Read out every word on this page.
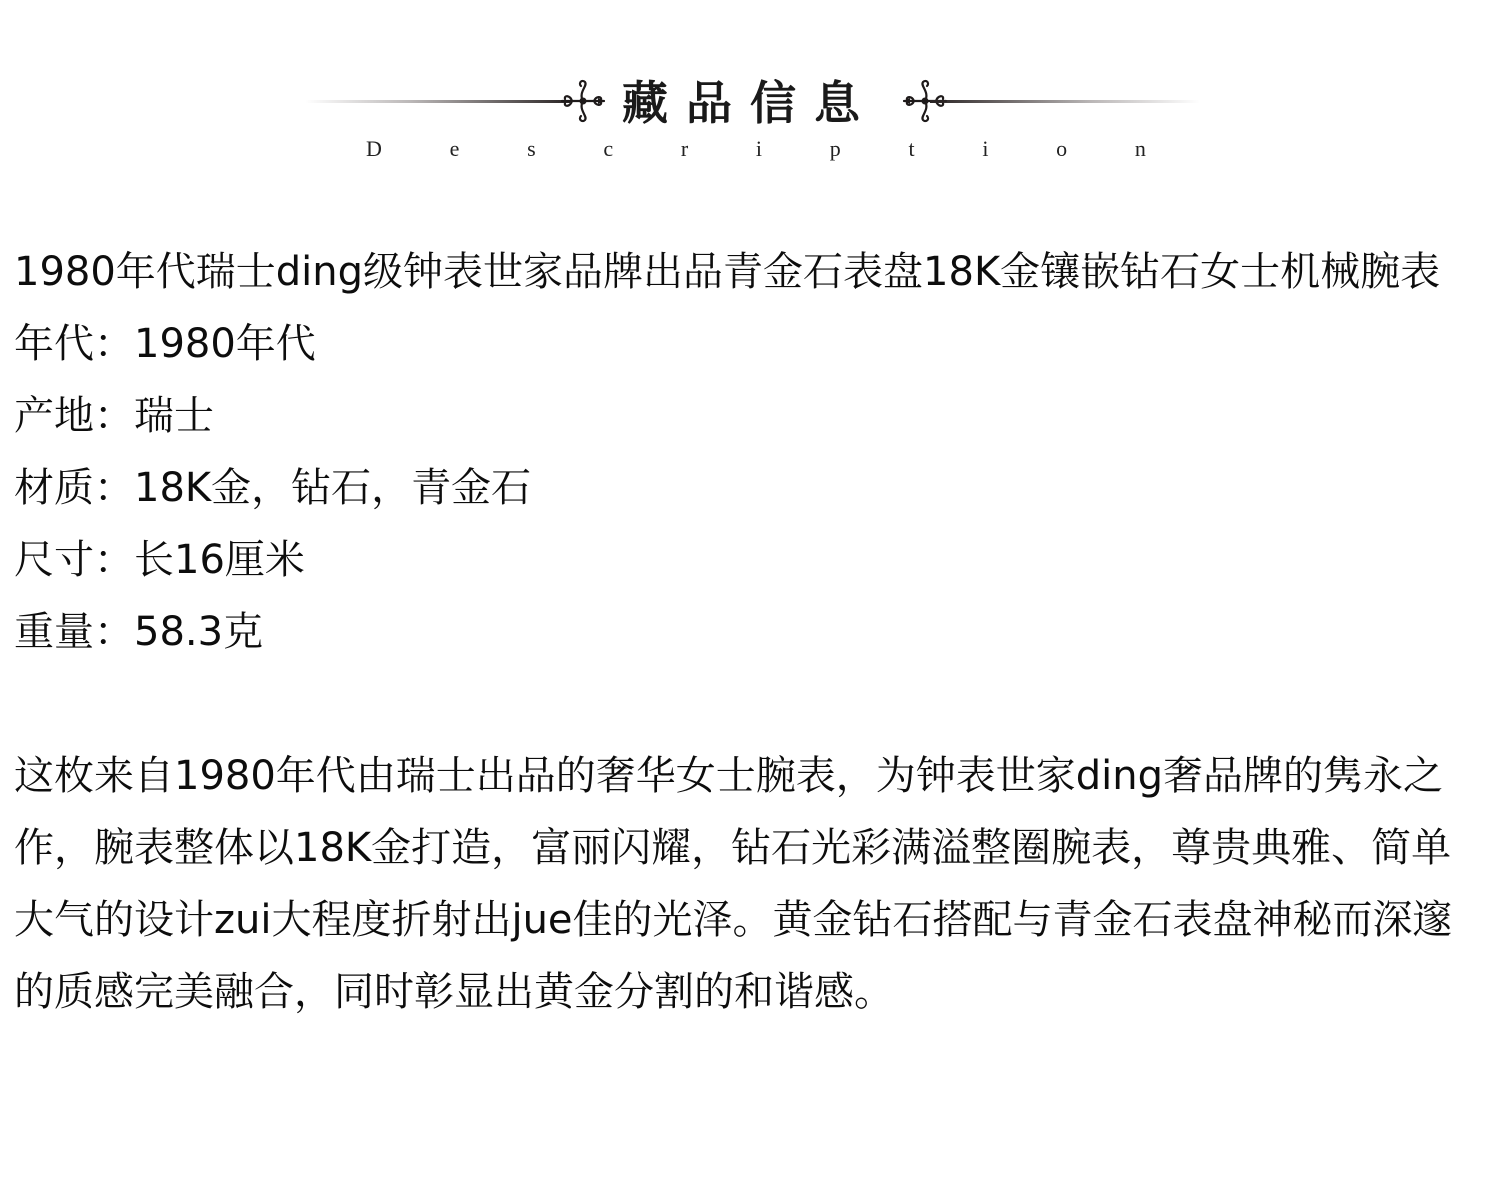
藏品信息
D	e	s	c	r	i	p	t	i	o	n

1980年代瑞士ding级钟表世家品牌出品青金石表盘18K金镶嵌钻石女士机械腕表

年代：1980年代
产地：瑞士
材质：18K金，钻石，青金石
尺寸：长16厘米
重量：58.3克

这枚来自1980年代由瑞士出品的奢华女士腕表，为钟表世家ding奢品牌的隽永之作，腕表整体以18K金打造，富丽闪耀，钻石光彩满溢整圈腕表，尊贵典雅、简单大气的设计zui大程度折射出jue佳的光泽。黄金钻石搭配与青金石表盘神秘而深邃的质感完美融合，同时彰显出黄金分割的和谐感。
